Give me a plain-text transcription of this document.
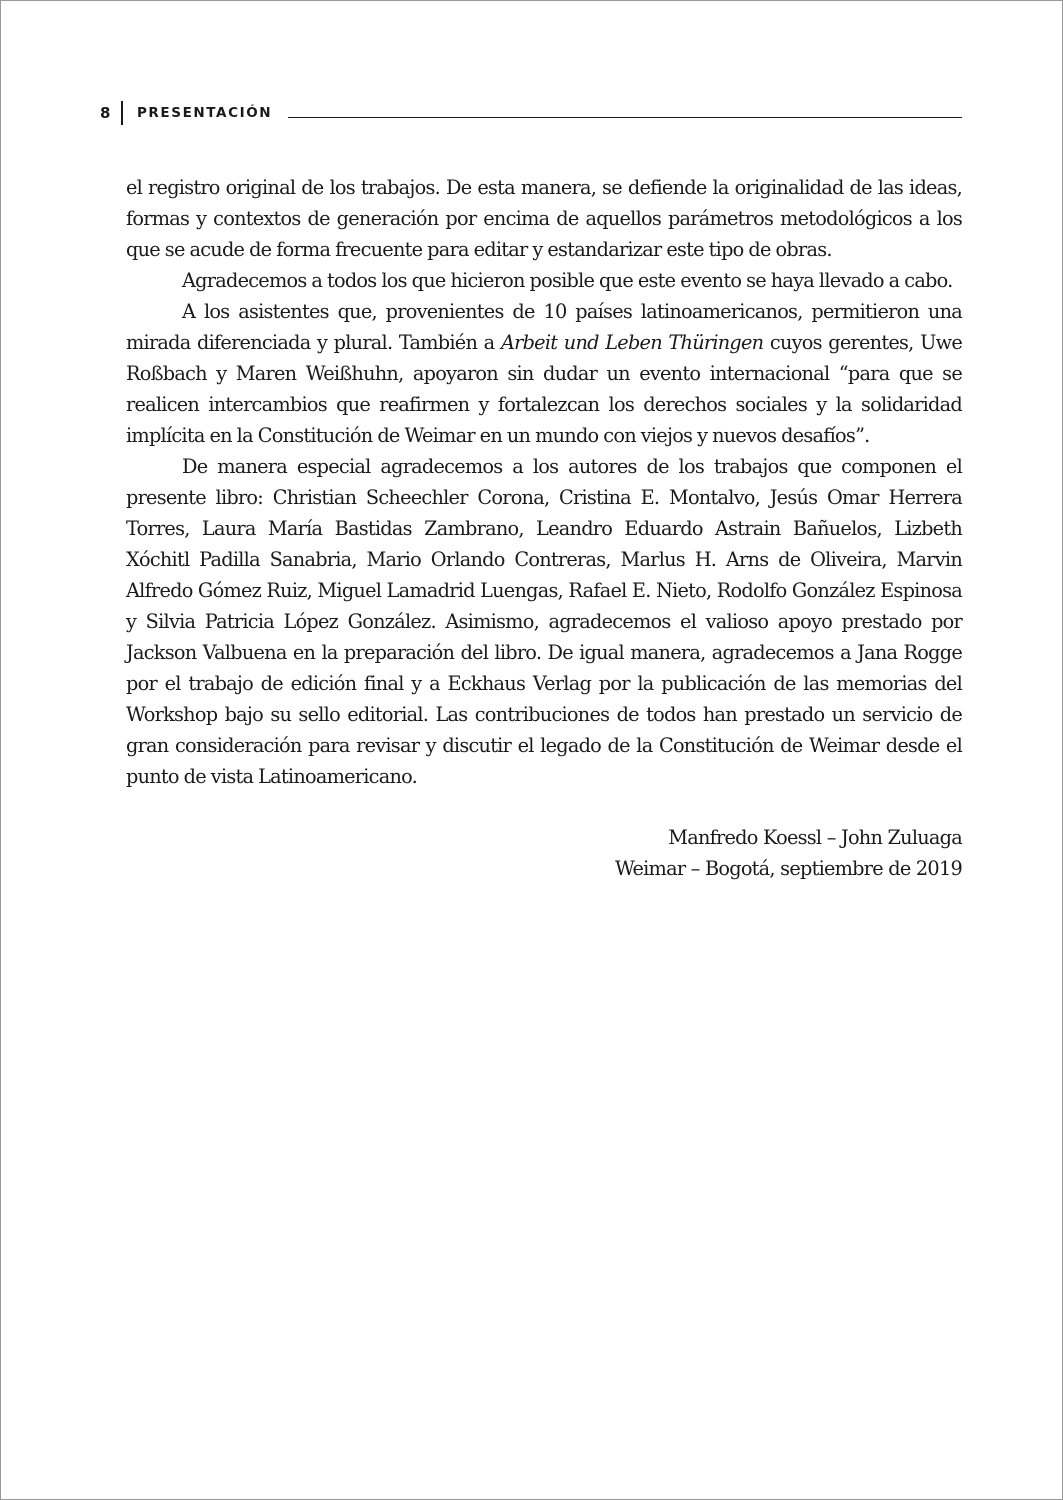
8 PRESENTACIÓN

el registro original de los trabajos. De esta manera, se defiende la originalidad de las ideas, formas y contextos de generación por encima de aquellos parámetros metodológicos a los que se acude de forma frecuente para editar y estandarizar este tipo de obras.

Agradecemos a todos los que hicieron posible que este evento se haya llevado a cabo.

A los asistentes que, provenientes de 10 países latinoamericanos, permitieron una mirada diferenciada y plural. También a Arbeit und Leben Thüringen cuyos gerentes, Uwe Roßbach y Maren Weißhuhn, apoyaron sin dudar un evento internacional “para que se realicen intercambios que reafirmen y fortalezcan los derechos sociales y la solidaridad implícita en la Constitución de Weimar en un mundo con viejos y nuevos desafíos”.

De manera especial agradecemos a los autores de los trabajos que componen el presente libro: Christian Scheechler Corona, Cristina E. Montalvo, Jesús Omar Herrera Torres, Laura María Bastidas Zambrano, Leandro Eduardo Astrain Bañuelos, Lizbeth Xóchitl Padilla Sanabria, Mario Orlando Contreras, Marlus H. Arns de Oliveira, Marvin Alfredo Gómez Ruiz, Miguel Lamadrid Luengas, Rafael E. Nieto, Rodolfo González Espinosa y Silvia Patricia López González. Asimismo, agradecemos el valioso apoyo prestado por Jackson Valbuena en la preparación del libro. De igual manera, agradecemos a Jana Rogge por el trabajo de edición final y a Eckhaus Verlag por la publicación de las memorias del Workshop bajo su sello editorial. Las contribuciones de todos han prestado un servicio de gran consideración para revisar y discutir el legado de la Constitución de Weimar desde el punto de vista Latinoamericano.

Manfredo Koessl – John Zuluaga
Weimar – Bogotá, septiembre de 2019
